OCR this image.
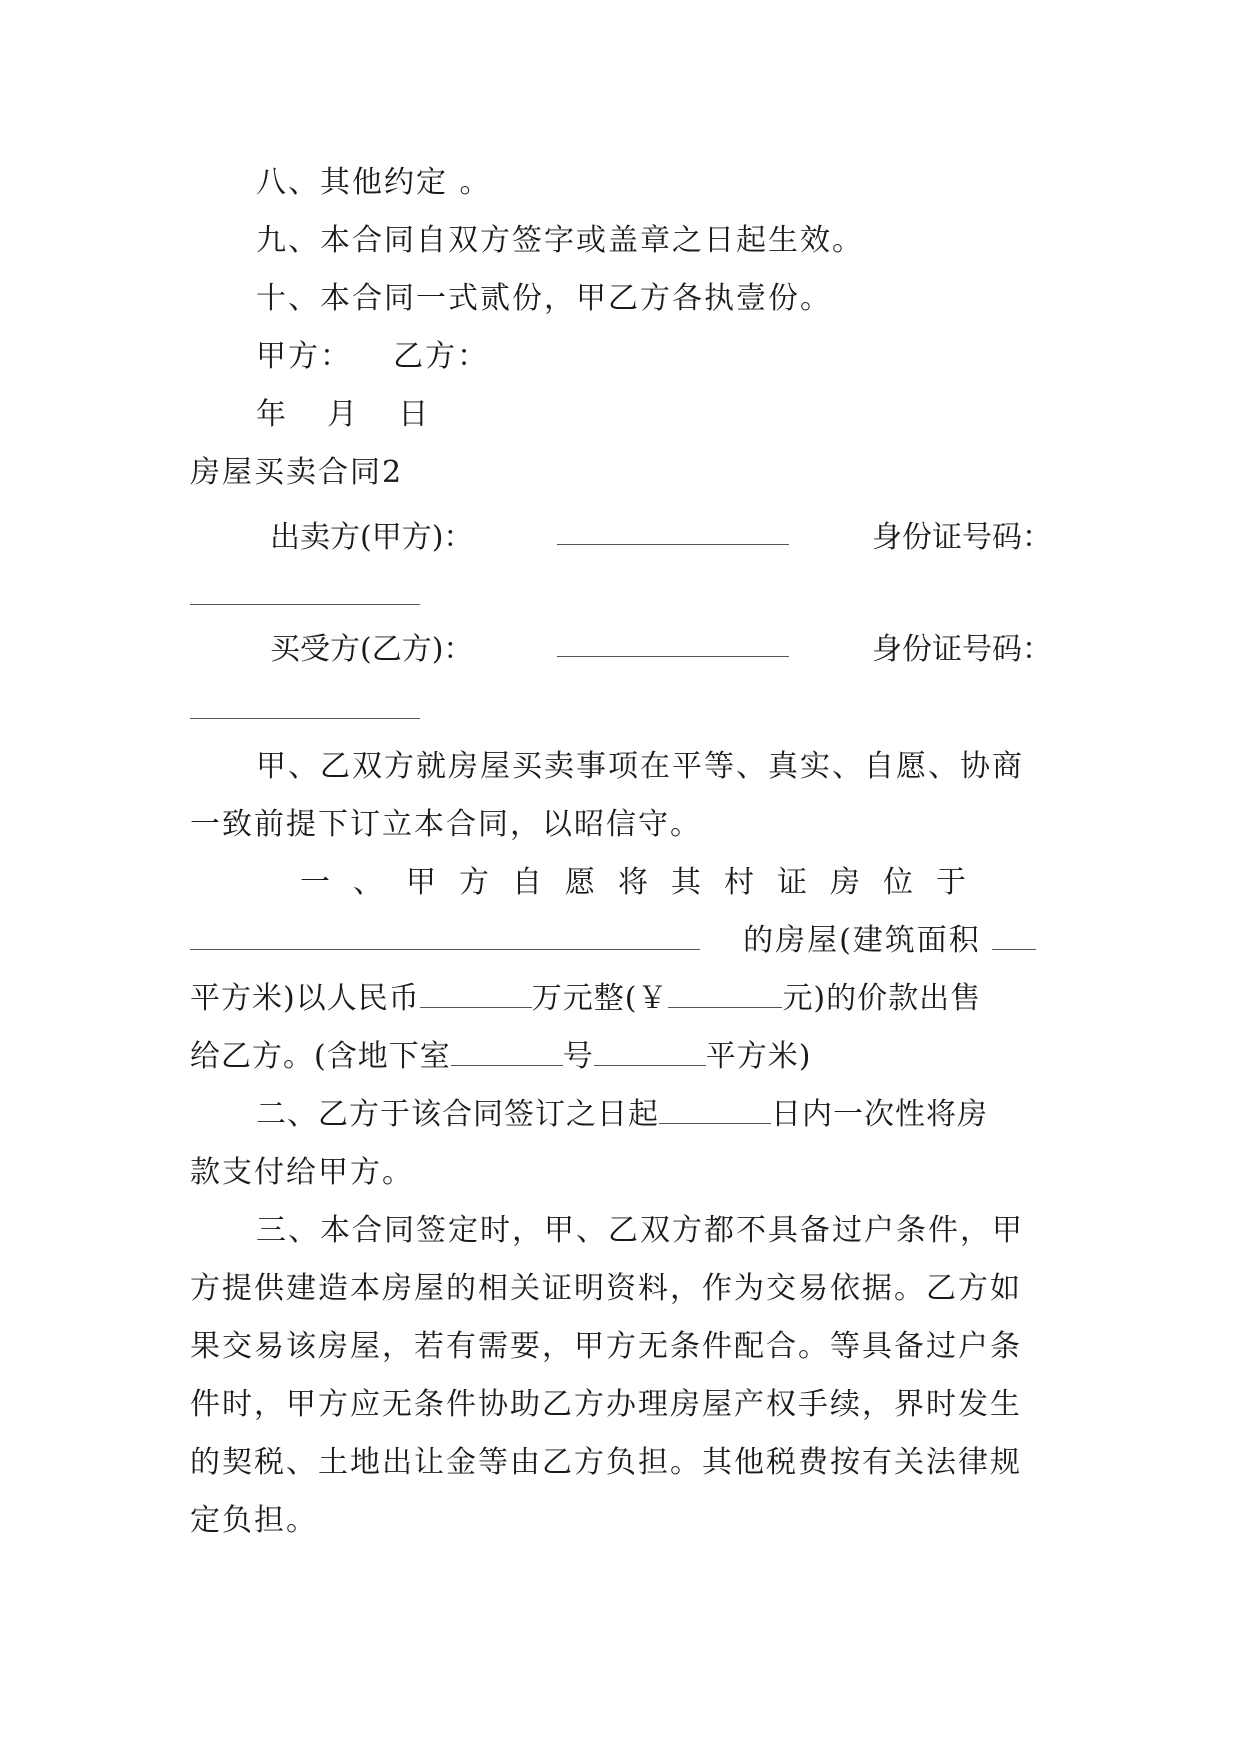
八、其他约定 。
九、本合同自双方签字或盖章之日起生效。
十、本合同一式贰份，甲乙方各执壹份。
甲方： 乙方：
年 月 日
房屋买卖合同2
出卖方(甲方)：	身份证号码：
买受方(乙方)：	身份证号码：
甲、乙双方就房屋买卖事项在平等、真实、自愿、协商
一致前提下订立本合同，以昭信守。
一、甲方自愿将其村证房位于
的房屋(建筑面积
平方米)以人民币	万元整(￥	元)的价款出售
给乙方。(含地下室	号	平方米)
二、乙方于该合同签订之日起	日内一次性将房
款支付给甲方。
三、本合同签定时，甲、乙双方都不具备过户条件，甲
方提供建造本房屋的相关证明资料，作为交易依据。乙方如
果交易该房屋，若有需要，甲方无条件配合。等具备过户条
件时，甲方应无条件协助乙方办理房屋产权手续，界时发生
的契税、土地出让金等由乙方负担。其他税费按有关法律规
定负担。
